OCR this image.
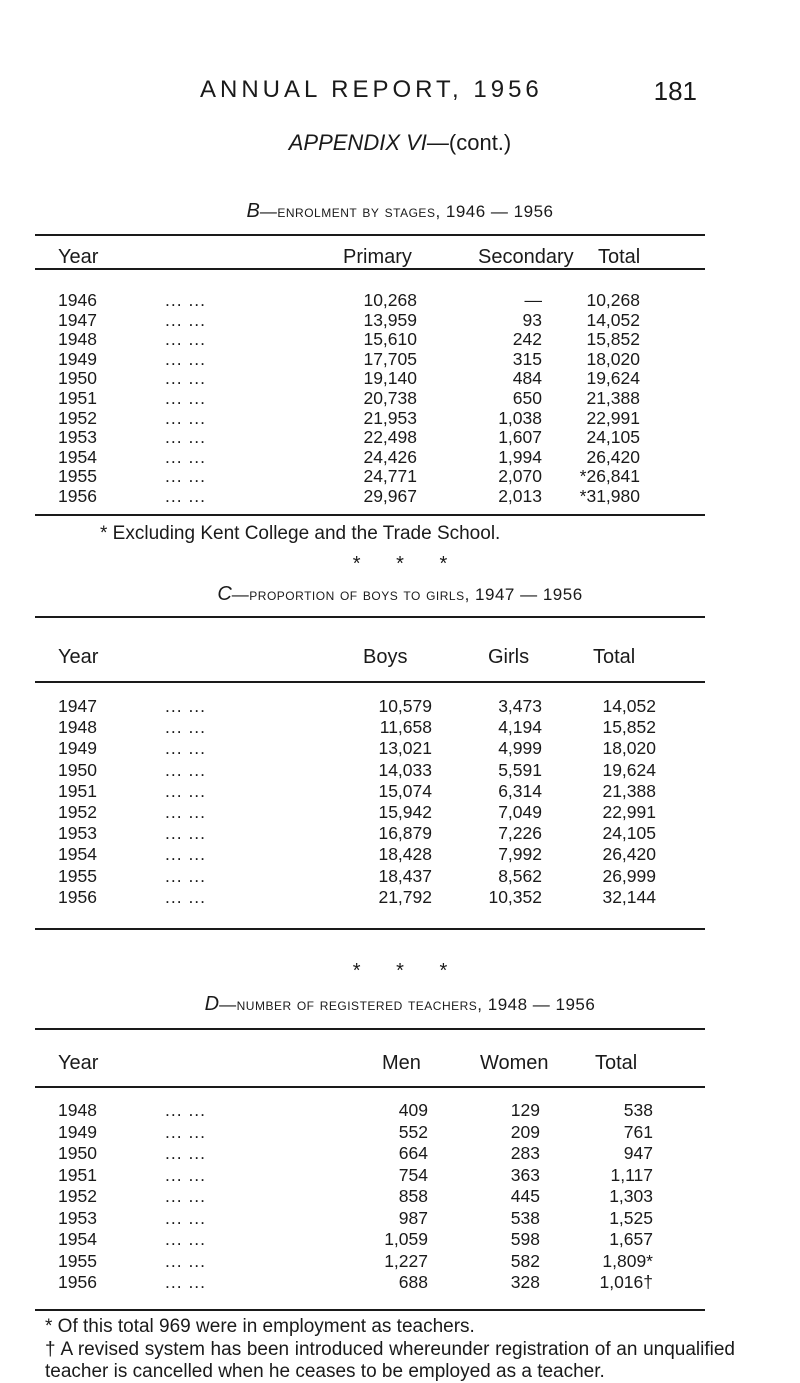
ANNUAL REPORT, 1956	181
APPENDIX VI—(cont.)
B—enrolment by stages, 1946 — 1956
Year	Primary	Secondary Total
1946	... ...	10,268	—	10,268
1947	... ...	13,959	93	14,052
1948	... ...	15,610	242	15,852
1949	... ...	17,705	315	18,020
1950	... ...	19,140	484	19,624
1951	... ...	20,738	650	21,388
1952	... ...	21,953	1,038	22,991
1953	... ...	22,498	1,607	24,105
1954	... ...	24,426	1,994	26,420
1955	... ...	24,771	2,070 *26,841
1956	... ...	29,967	2,013 *31,980
* Excluding Kent College and the Trade School.
* * *
C—proportion of boys to girls, 1947 — 1956
Year	Boys	Girls	Total
1947	... ...	10,579	3,473	14,052
1948	... ...	11,658	4,194	15,852
1949	... ...	13,021	4,999	18,020
1950	... ...	14,033	5,591	19,624
1951	... ...	15,074	6,314	21,388
1952	... ...	15,942	7,049	22,991
1953	... ...	16,879	7,226	24,105
1954	... ...	18,428	7,992	26,420
1955	... ...	18,437	8,562	26,999
1956	... ...	21,792	10,352	32,144
* * *
D—number of registered teachers, 1948 — 1956
Year	Men	Women Total
1948	... ...	409	129	538
1949	... ...	552	209	761
1950	... ...	664	283	947
1951	... ...	754	363	1,117
1952	... ...	858	445	1,303
1953	... ...	987	538	1,525
1954	... ...	1,059	598	1,657
1955	... ...	1,227	582	1,809*
1956	... ...	688	328	1,016†
* Of this total 969 were in employment as teachers.
† A revised system has been introduced whereunder registration of an unqualified teacher is cancelled when he ceases to be employed as a teacher.
